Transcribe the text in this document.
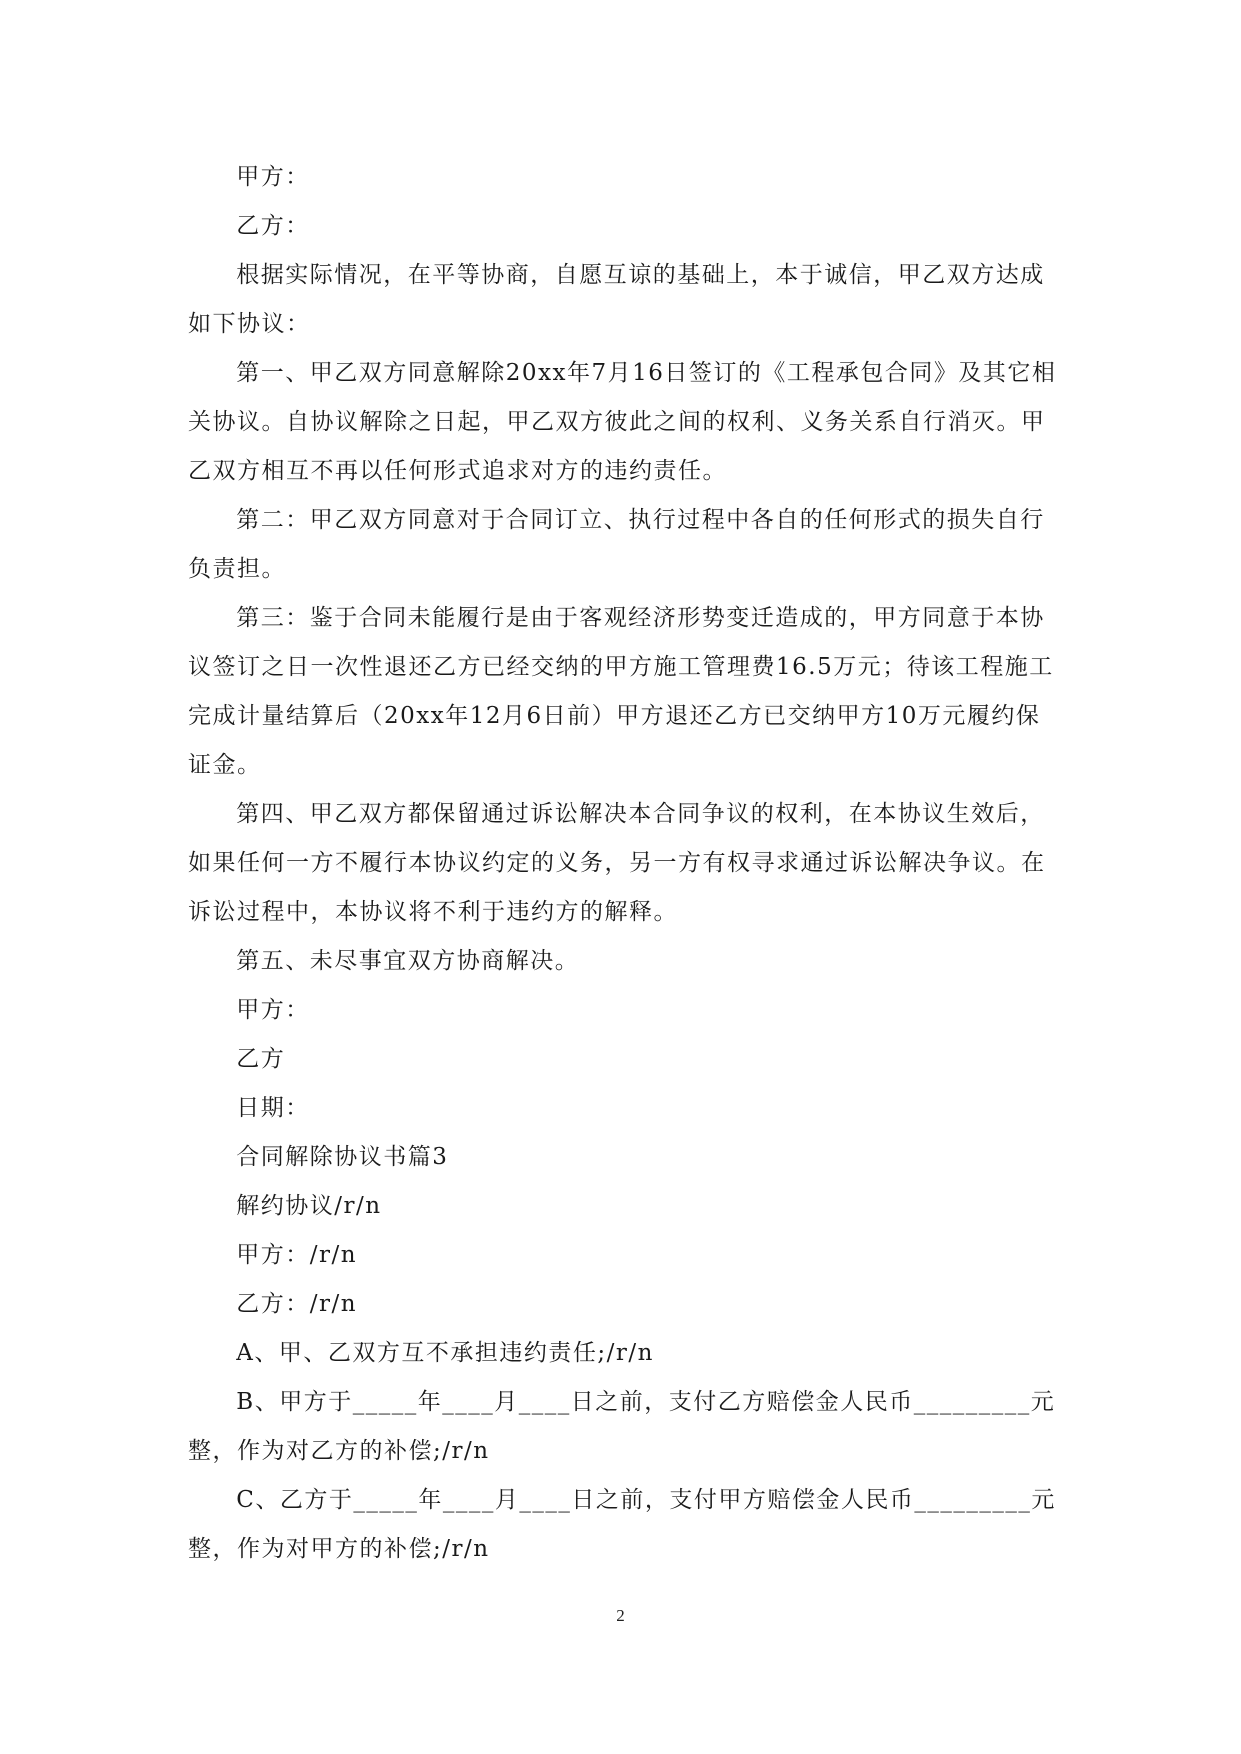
甲方：

乙方：

根据实际情况，在平等协商，自愿互谅的基础上，本于诚信，甲乙双方达成如下协议：

第一、甲乙双方同意解除20xx年7月16日签订的《工程承包合同》及其它相关协议。自协议解除之日起，甲乙双方彼此之间的权利、义务关系自行消灭。甲乙双方相互不再以任何形式追求对方的违约责任。

第二：甲乙双方同意对于合同订立、执行过程中各自的任何形式的损失自行负责担。

第三：鉴于合同未能履行是由于客观经济形势变迁造成的，甲方同意于本协议签订之日一次性退还乙方已经交纳的甲方施工管理费16.5万元；待该工程施工完成计量结算后（20xx年12月6日前）甲方退还乙方已交纳甲方10万元履约保证金。

第四、甲乙双方都保留通过诉讼解决本合同争议的权利，在本协议生效后，如果任何一方不履行本协议约定的义务，另一方有权寻求通过诉讼解决争议。在诉讼过程中，本协议将不利于违约方的解释。

第五、未尽事宜双方协商解决。

甲方：

乙方

日期：

合同解除协议书篇3

解约协议/r/n

甲方：/r/n

乙方：/r/n

A、甲、乙双方互不承担违约责任;/r/n

B、甲方于_____年____月____日之前，支付乙方赔偿金人民币_________元整，作为对乙方的补偿;/r/n

C、乙方于_____年____月____日之前，支付甲方赔偿金人民币_________元整，作为对甲方的补偿;/r/n

2
